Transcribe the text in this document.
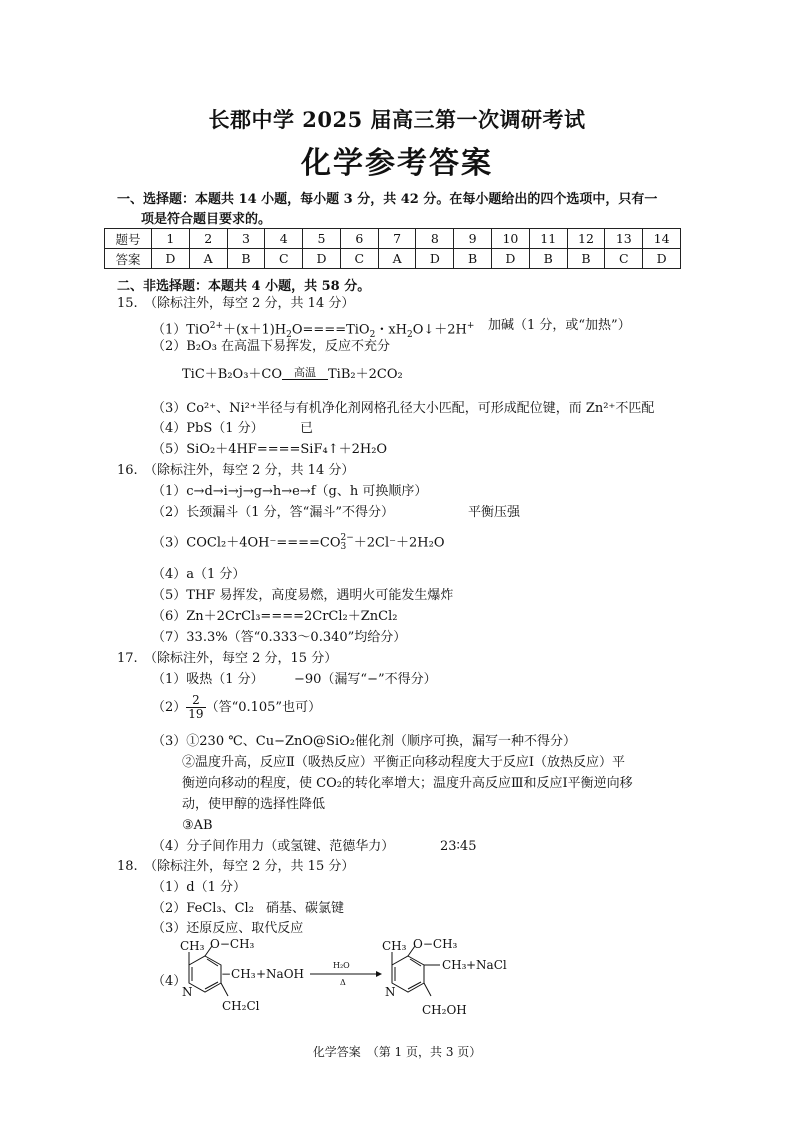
长郡中学 2025 届高三第一次调研考试
化学参考答案
一、选择题：本题共 14 小题，每小题 3 分，共 42 分。在每小题给出的四个选项中，只有一
项是符合题目要求的。
题号	1	2	3	4	5	6	7	8	9	10	11	12	13	14
答案	D	A	B	C	D	C	A	D	B	D	B	B	C	D
二、非选择题：本题共 4 小题，共 58 分。
15. （除标注外，每空 2 分，共 14 分）
$(1)TiO^{2+}+(x+1)H_2O====TiO_2$・$xH_2O↓+2H^+$ 加碱（1 分，或“加热”）
（2）B₂O₃ 在高温下易挥发，反应不充分
TiC＋B₂O₃＋CO	高温 TiB₂＋2CO₂
（3）Co²⁺、Ni²⁺半径与有机净化剂网格孔径大小匹配，可形成配位键，而 Zn²⁺不匹配
（4）PbS（1 分）	已
（5）SiO₂＋4HF====SiF₄↑＋2H₂O
16. （除标注外，每空 2 分，共 14 分）
（1）c→d→i→j→g→h→e→f（g、h 可换顺序）
（2）长颈漏斗（1 分，答“漏斗”不得分）	平衡压强
（3）COCl₂＋4OH⁻====CO 2−
3 ＋2Cl⁻＋2H₂O
（4）a（1 分）
（5）THF 易挥发，高度易燃，遇明火可能发生爆炸
（6）Zn＋2CrCl₃====2CrCl₂＋ZnCl₂
（7）33.3%（答“0.333～0.340”均给分）
17. （除标注外，每空 2 分，15 分）
（1）吸热（1 分） −90（漏写“−”不得分）
$(2) \frac{2}{19}$ （答“0.105”也可）
（3）①230 ℃、Cu−ZnO@SiO₂催化剂（顺序可换，漏写一种不得分）
②温度升高，反应Ⅱ（吸热反应）平衡正向移动程度大于反应Ⅰ（放热反应）平
衡逆向移动的程度，使 CO₂的转化率增大；温度升高反应Ⅲ和反应Ⅰ平衡逆向移
动，使甲醇的选择性降低
③AB
（4）分子间作用力（或氢键、范德华力）	23∶45
18. （除标注外，每空 2 分，共 15 分）
（1）d（1 分）
（2）FeCl₃、Cl₂ 硝基、碳氯键
（3）还原反应、取代反应
（4）
CH₃ O−CH₃
−CH₃
N
CH₂Cl
+NaOH
H₂O
Δ
CH₃ O−CH₃
CH₃ +NaCl
N
CH₂OH
化学答案　（第 1 页，共 3 页）
